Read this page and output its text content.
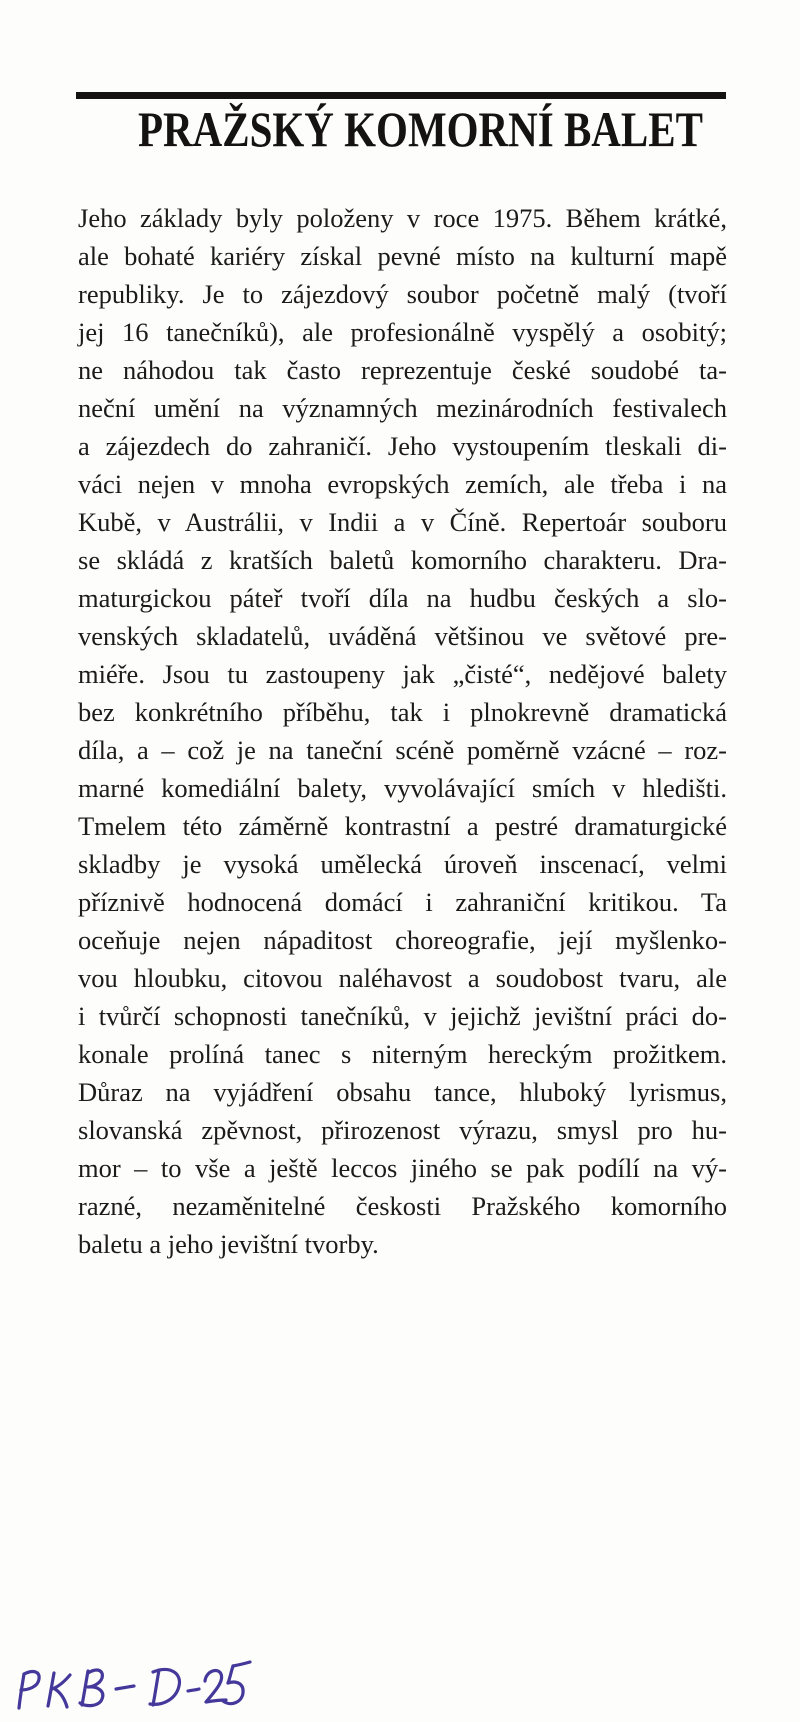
PRAŽSKÝ KOMORNÍ BALET
Jeho základy byly položeny v roce 1975. Během krátké,
ale bohaté kariéry získal pevné místo na kulturní mapě
republiky. Je to zájezdový soubor početně malý (tvoří
jej 16 tanečníků), ale profesionálně vyspělý a osobitý;
ne náhodou tak často reprezentuje české soudobé ta-
neční umění na významných mezinárodních festivalech
a zájezdech do zahraničí. Jeho vystoupením tleskali di-
váci nejen v mnoha evropských zemích, ale třeba i na
Kubě, v Austrálii, v Indii a v Číně. Repertoár souboru
se skládá z kratších baletů komorního charakteru. Dra-
maturgickou páteř tvoří díla na hudbu českých a slo-
venských skladatelů, uváděná většinou ve světové pre-
miéře. Jsou tu zastoupeny jak „čisté“, nedějové balety
bez konkrétního příběhu, tak i plnokrevně dramatická
díla, a – což je na taneční scéně poměrně vzácné – roz-
marné komediální balety, vyvolávající smích v hledišti.
Tmelem této záměrně kontrastní a pestré dramaturgické
skladby je vysoká umělecká úroveň inscenací, velmi
příznivě hodnocená domácí i zahraniční kritikou. Ta
oceňuje nejen nápaditost choreografie, její myšlenko-
vou hloubku, citovou naléhavost a soudobost tvaru, ale
i tvůrčí schopnosti tanečníků, v jejichž jevištní práci do-
konale prolíná tanec s niterným hereckým prožitkem.
Důraz na vyjádření obsahu tance, hluboký lyrismus,
slovanská zpěvnost, přirozenost výrazu, smysl pro hu-
mor – to vše a ještě leccos jiného se pak podílí na vý-
razné, nezaměnitelné českosti Pražského komorního
baletu a jeho jevištní tvorby.
